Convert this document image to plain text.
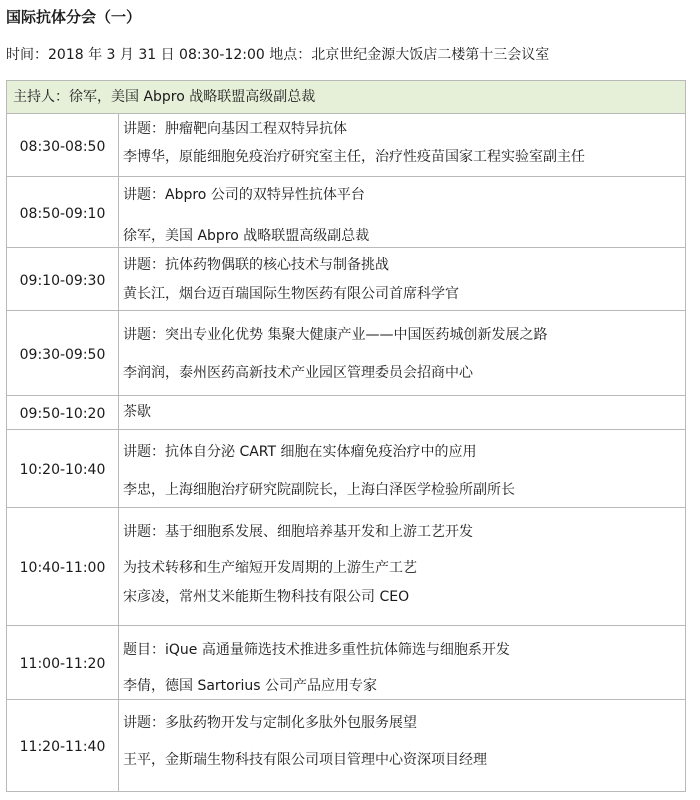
国际抗体分会（一）
时间：2018 年 3 月 31 日 08:30-12:00 地点：北京世纪金源大饭店二楼第十三会议室
主持人：徐军，美国 Abpro 战略联盟高级副总裁
08:30-08:50	讲题：肿瘤靶向基因工程双特异抗体
李博华，原能细胞免疫治疗研究室主任，治疗性疫苗国家工程实验室副主任

08:50-09:10	讲题：Abpro 公司的双特异性抗体平台
徐军，美国 Abpro 战略联盟高级副总裁

09:10-09:30	讲题：抗体药物偶联的核心技术与制备挑战
黄长江，烟台迈百瑞国际生物医药有限公司首席科学官

09:30-09:50	讲题：突出专业化优势 集聚大健康产业——中国医药城创新发展之路
李润润，泰州医药高新技术产业园区管理委员会招商中心

09:50-10:20	茶歇

10:20-10:40	讲题：抗体自分泌 CART 细胞在实体瘤免疫治疗中的应用
李忠，上海细胞治疗研究院副院长，上海白泽医学检验所副所长

10:40-11:00	讲题：基于细胞系发展、细胞培养基开发和上游工艺开发
为技术转移和生产缩短开发周期的上游生产工艺
宋彦凌，常州艾米能斯生物科技有限公司 CEO

11:00-11:20	题目：iQue 高通量筛选技术推进多重性抗体筛选与细胞系开发
李倩，德国 Sartorius 公司产品应用专家

11:20-11:40	讲题：多肽药物开发与定制化多肽外包服务展望
王平，金斯瑞生物科技有限公司项目管理中心资深项目经理
